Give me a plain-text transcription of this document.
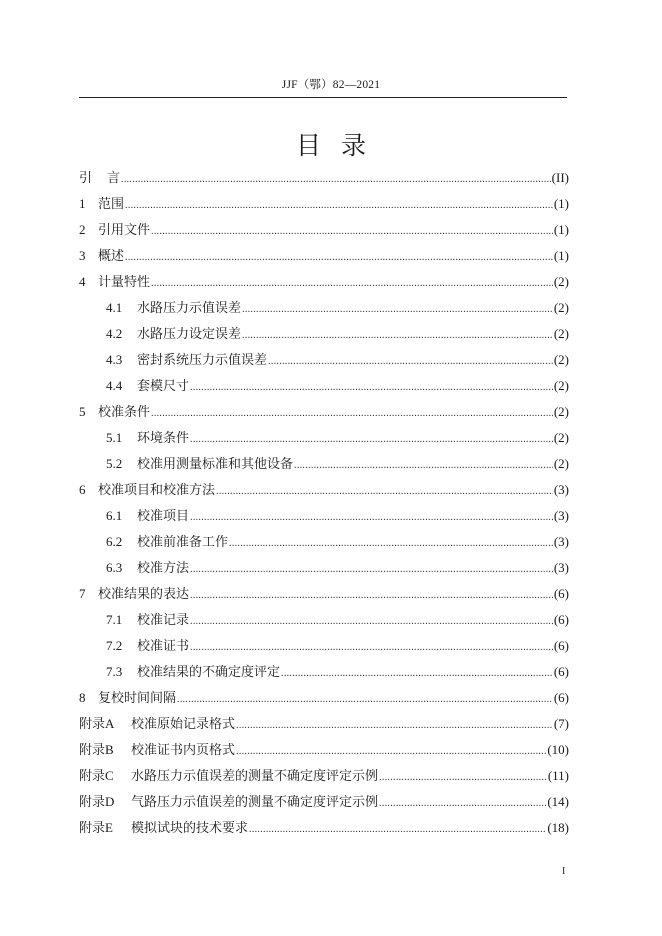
JJF（鄂）82—2021
目录
引	言 .....	(II)
1 范围 .....	(1)
2 引用文件 .....	(1)
3 概述 .....	(1)
4 计量特性 .....	(2)
4.1	水路压力示值误差 .....	(2)
4.2	水路压力设定误差 .....	(2)
4.3	密封系统压力示值误差 .....	(2)
4.4	套模尺寸 .....	(2)
5 校准条件 .....	(2)
5.1	环境条件 .....	(2)
5.2	校准用测量标准和其他设备 .....	(2)
6 校准项目和校准方法 .....	(3)
6.1	校准项目 .....	(3)
6.2	校准前准备工作 .....	(3)
6.3	校准方法 .....	(3)
7 校准结果的表达 .....	(6)
7.1	校准记录 .....	(6)
7.2	校准证书 .....	(6)
7.3	校准结果的不确定度评定 .....	(6)
8 复校时间间隔 .....	(6)
附录A	校准原始记录格式 .....	(7)
附录B	校准证书内页格式 .....	(10)
附录C	水路压力示值误差的测量不确定度评定示例 .....	(11)
附录D	气路压力示值误差的测量不确定度评定示例 .....	(14)
附录E	模拟试块的技术要求 .....	(18)
I
